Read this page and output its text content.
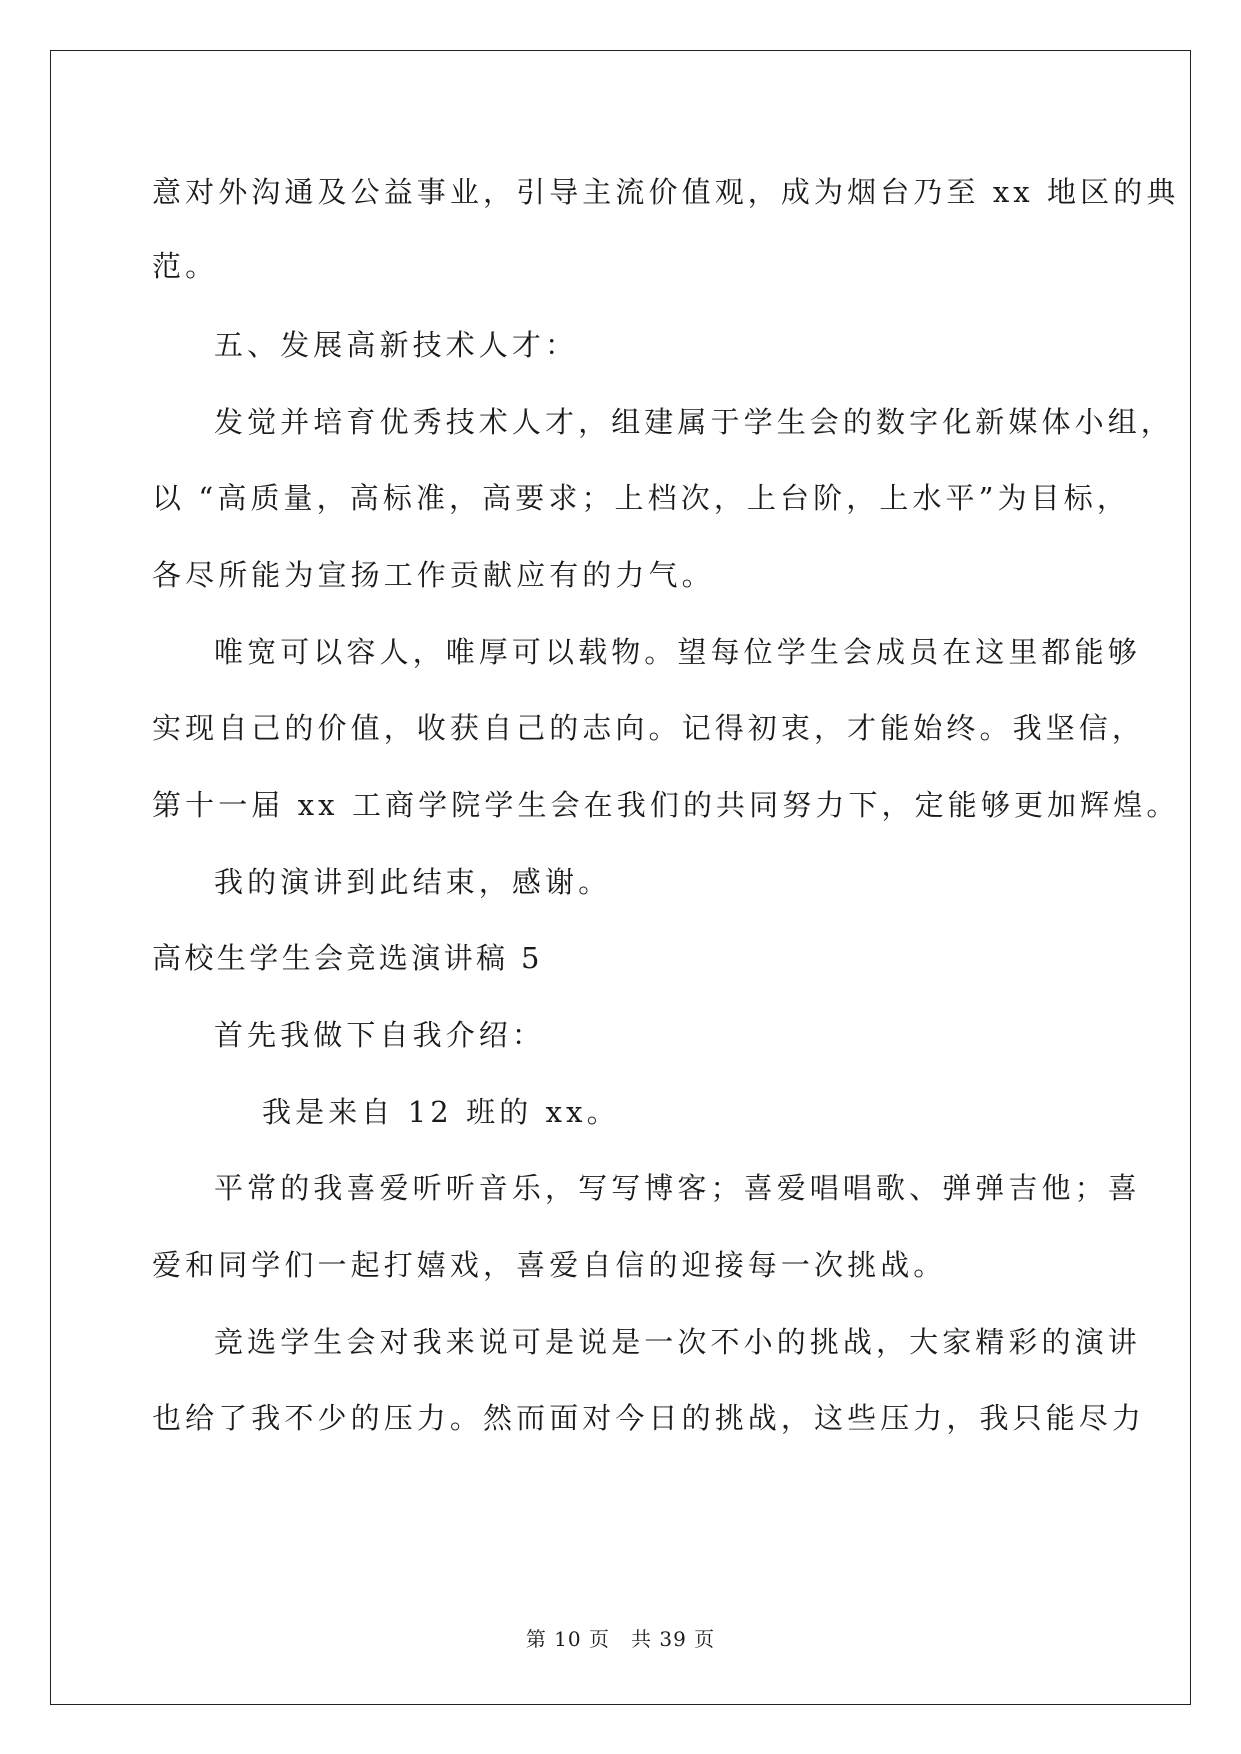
意对外沟通及公益事业，引导主流价值观，成为烟台乃至 xx 地区的典
范。
五、发展高新技术人才：
发觉并培育优秀技术人才，组建属于学生会的数字化新媒体小组，
以 “高质量，高标准，高要求；上档次，上台阶，上水平”为目标，
各尽所能为宣扬工作贡献应有的力气。
唯宽可以容人，唯厚可以载物。望每位学生会成员在这里都能够
实现自己的价值，收获自己的志向。记得初衷，才能始终。我坚信，
第十一届 xx 工商学院学生会在我们的共同努力下，定能够更加辉煌。
我的演讲到此结束，感谢。
高校生学生会竞选演讲稿 5
首先我做下自我介绍：
我是来自 12 班的 xx。
平常的我喜爱听听音乐，写写博客；喜爱唱唱歌、弹弹吉他；喜
爱和同学们一起打嬉戏，喜爱自信的迎接每一次挑战。
竞选学生会对我来说可是说是一次不小的挑战，大家精彩的演讲
也给了我不少的压力。然而面对今日的挑战，这些压力，我只能尽力
第 10 页　共 39 页
